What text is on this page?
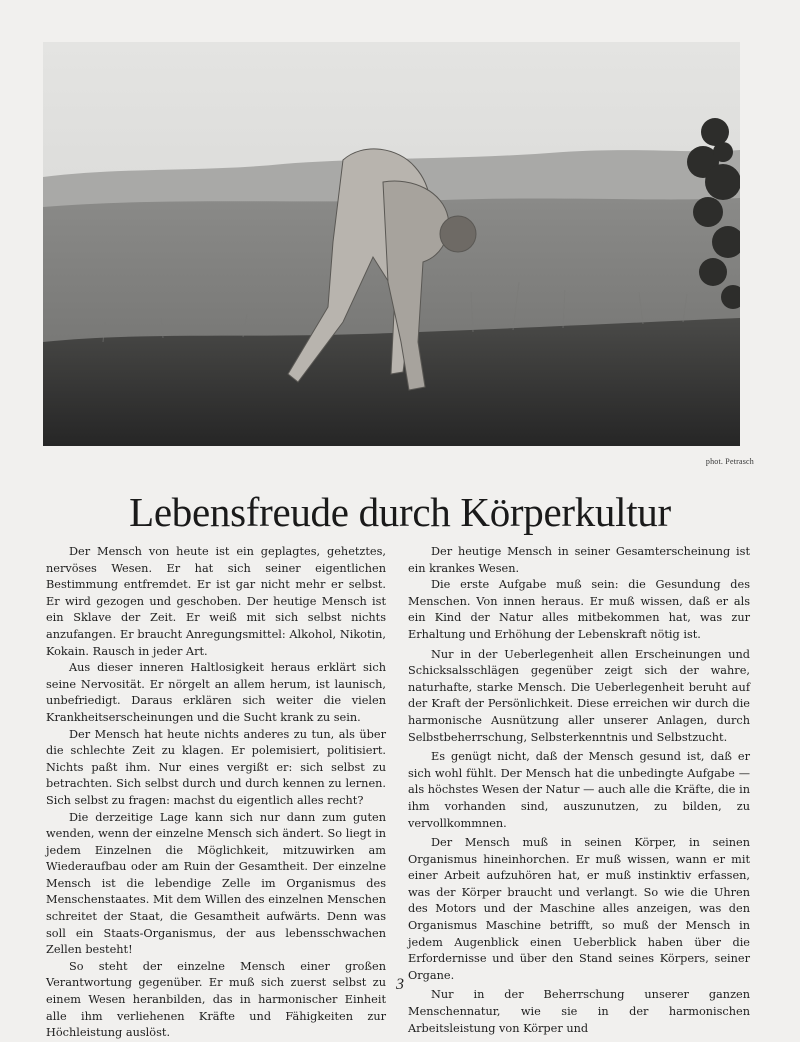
phot. Petrasch
Lebensfreude durch Körperkultur

Der Mensch von heute ist ein geplagtes, gehetztes, nervöses Wesen. Er hat sich seiner eigentlichen Bestimmung entfremdet. Er ist gar nicht mehr er selbst. Er wird gezogen und geschoben. Der heutige Mensch ist ein Sklave der Zeit. Er weiß mit sich selbst nichts anzufangen. Er braucht Anregungsmittel: Alkohol, Nikotin, Kokain. Rausch in jeder Art.

Aus dieser inneren Haltlosigkeit heraus erklärt sich seine Nervosität. Er nörgelt an allem herum, ist launisch, unbefriedigt. Daraus erklären sich weiter die vielen Krankheitserscheinungen und die Sucht krank zu sein.

Der Mensch hat heute nichts anderes zu tun, als über die schlechte Zeit zu klagen. Er polemisiert, politisiert. Nichts paßt ihm. Nur eines vergißt er: sich selbst zu betrachten. Sich selbst durch und durch kennen zu lernen. Sich selbst zu fragen: machst du eigentlich alles recht?

Die derzeitige Lage kann sich nur dann zum guten wenden, wenn der einzelne Mensch sich ändert. So liegt in jedem Einzelnen die Möglichkeit, mitzuwirken am Wiederaufbau oder am Ruin der Gesamtheit. Der einzelne Mensch ist die lebendige Zelle im Organismus des Menschenstaates. Mit dem Willen des einzelnen Menschen schreitet der Staat, die Gesamtheit aufwärts. Denn was soll ein Staats-Organismus, der aus lebensschwachen Zellen besteht!

So steht der einzelne Mensch einer großen Verantwortung gegenüber. Er muß sich zuerst selbst zu einem Wesen heranbilden, das in harmonischer Einheit alle ihm verliehenen Kräfte und Fähigkeiten zur Höchleistung auslöst.

Der heutige Mensch in seiner Gesamterscheinung ist ein krankes Wesen.

Die erste Aufgabe muß sein: die Gesundung des Menschen. Von innen heraus. Er muß wissen, daß er als ein Kind der Natur alles mitbekommen hat, was zur Erhaltung und Erhöhung der Lebenskraft nötig ist.

Nur in der Ueberlegenheit allen Erscheinungen und Schicksalsschlägen gegenüber zeigt sich der wahre, naturhafte, starke Mensch. Die Ueberlegenheit beruht auf der Kraft der Persönlichkeit. Diese erreichen wir durch die harmonische Ausnützung aller unserer Anlagen, durch Selbstbeherrschung, Selbsterkenntnis und Selbstzucht.

Es genügt nicht, daß der Mensch gesund ist, daß er sich wohl fühlt. Der Mensch hat die unbedingte Aufgabe — als höchstes Wesen der Natur — auch alle die Kräfte, die in ihm vorhanden sind, auszunutzen, zu bilden, zu vervollkommnen.

Der Mensch muß in seinen Körper, in seinen Organismus hineinhorchen. Er muß wissen, wann er mit einer Arbeit aufzuhören hat, er muß instinktiv erfassen, was der Körper braucht und verlangt. So wie die Uhren des Motors und der Maschine alles anzeigen, was den Organismus Maschine betrifft, so muß der Mensch in jedem Augenblick einen Ueberblick haben über die Erfordernisse und über den Stand seines Körpers, seiner Organe.

Nur in der Beherrschung unserer ganzen Menschennatur, wie sie in der harmonischen Arbeitsleistung von Körper und

3
